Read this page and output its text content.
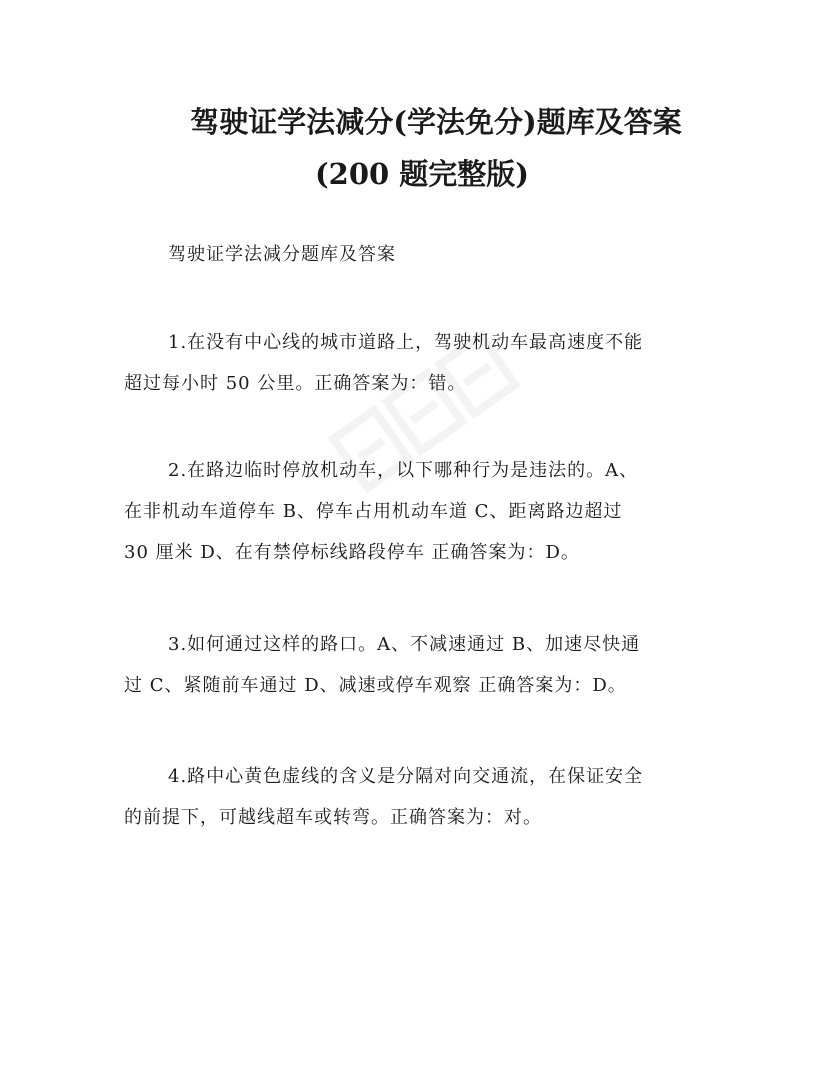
驾驶证学法减分(学法免分)题库及答案
(200 题完整版)
驾驶证学法减分题库及答案
1.在没有中心线的城市道路上，驾驶机动车最高速度不能
超过每小时 50 公里。正确答案为：错。
2.在路边临时停放机动车，以下哪种行为是违法的。A、
在非机动车道停车 B、停车占用机动车道 C、距离路边超过
30 厘米 D、在有禁停标线路段停车 正确答案为：D。
3.如何通过这样的路口。A、不减速通过 B、加速尽快通
过 C、紧随前车通过 D、减速或停车观察 正确答案为：D。
4.路中心黄色虚线的含义是分隔对向交通流，在保证安全
的前提下，可越线超车或转弯。正确答案为：对。
